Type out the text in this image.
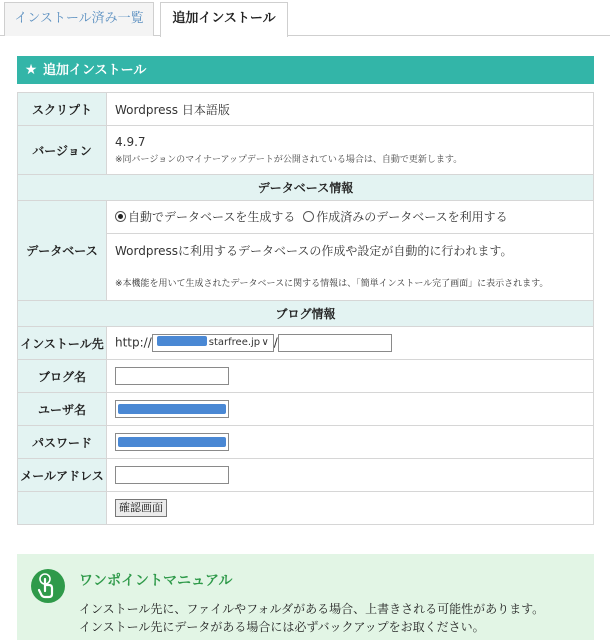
インストール済み一覧	追加インストール
★ 追加インストール
スクリプト	Wordpress 日本語版
バージョン	4.9.7
※同バージョンのマイナーアップデートが公開されている場合は、自動で更新します。

データベース情報	
データベース	自動でデータベースを生成する 作成済みのデータベースを利用する
Wordpressに利用するデータベースの作成や設定が自動的に行われます。
※本機能を用いて生成されたデータベースに関する情報は、「簡単インストール完了画面」に表示されます。

ブログ情報	
インストール先	http:// starfree.jp ∨ /
ブログ名	
ユーザ名	
パスワード	
メールアドレス	
	確認画面
ワンポイントマニュアル
インストール先に、ファイルやフォルダがある場合、上書きされる可能性があります。
インストール先にデータがある場合には必ずバックアップをお取ください。
